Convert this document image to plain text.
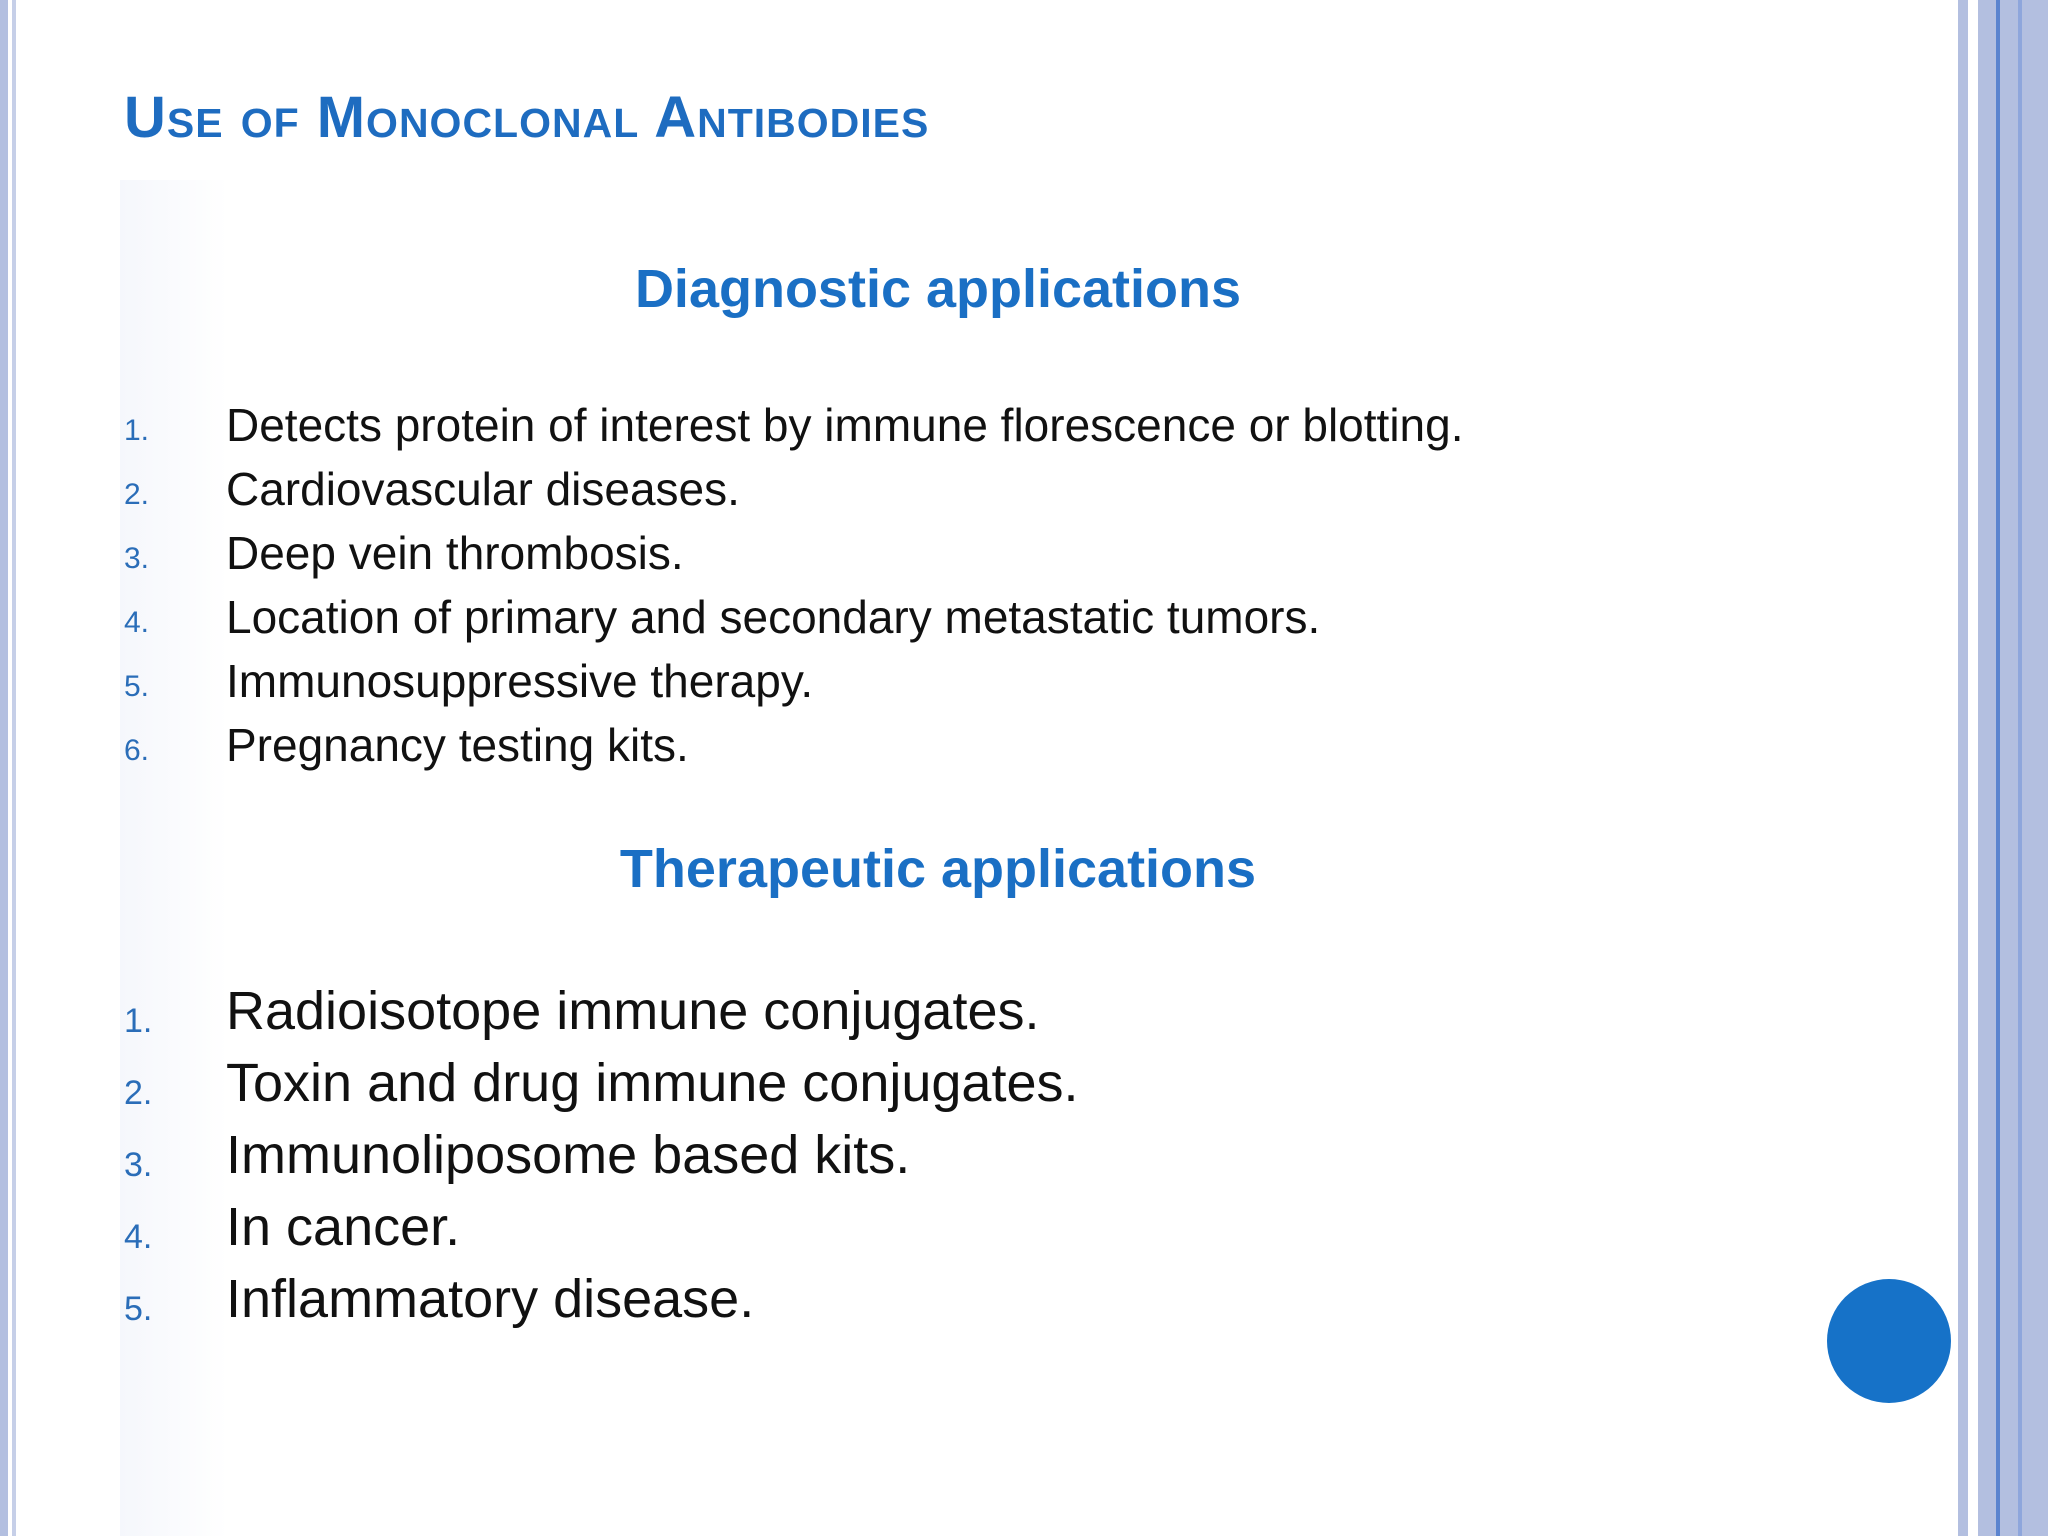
Use of Monoclonal Antibodies
Diagnostic applications
1. Detects protein of interest by immune florescence or blotting.
2. Cardiovascular diseases.
3. Deep vein thrombosis.
4. Location of primary and secondary metastatic tumors.
5. Immunosuppressive therapy.
6. Pregnancy testing kits.
Therapeutic applications
1. Radioisotope immune conjugates.
2. Toxin and drug immune conjugates.
3. Immunoliposome based kits.
4. In cancer.
5. Inflammatory disease.
